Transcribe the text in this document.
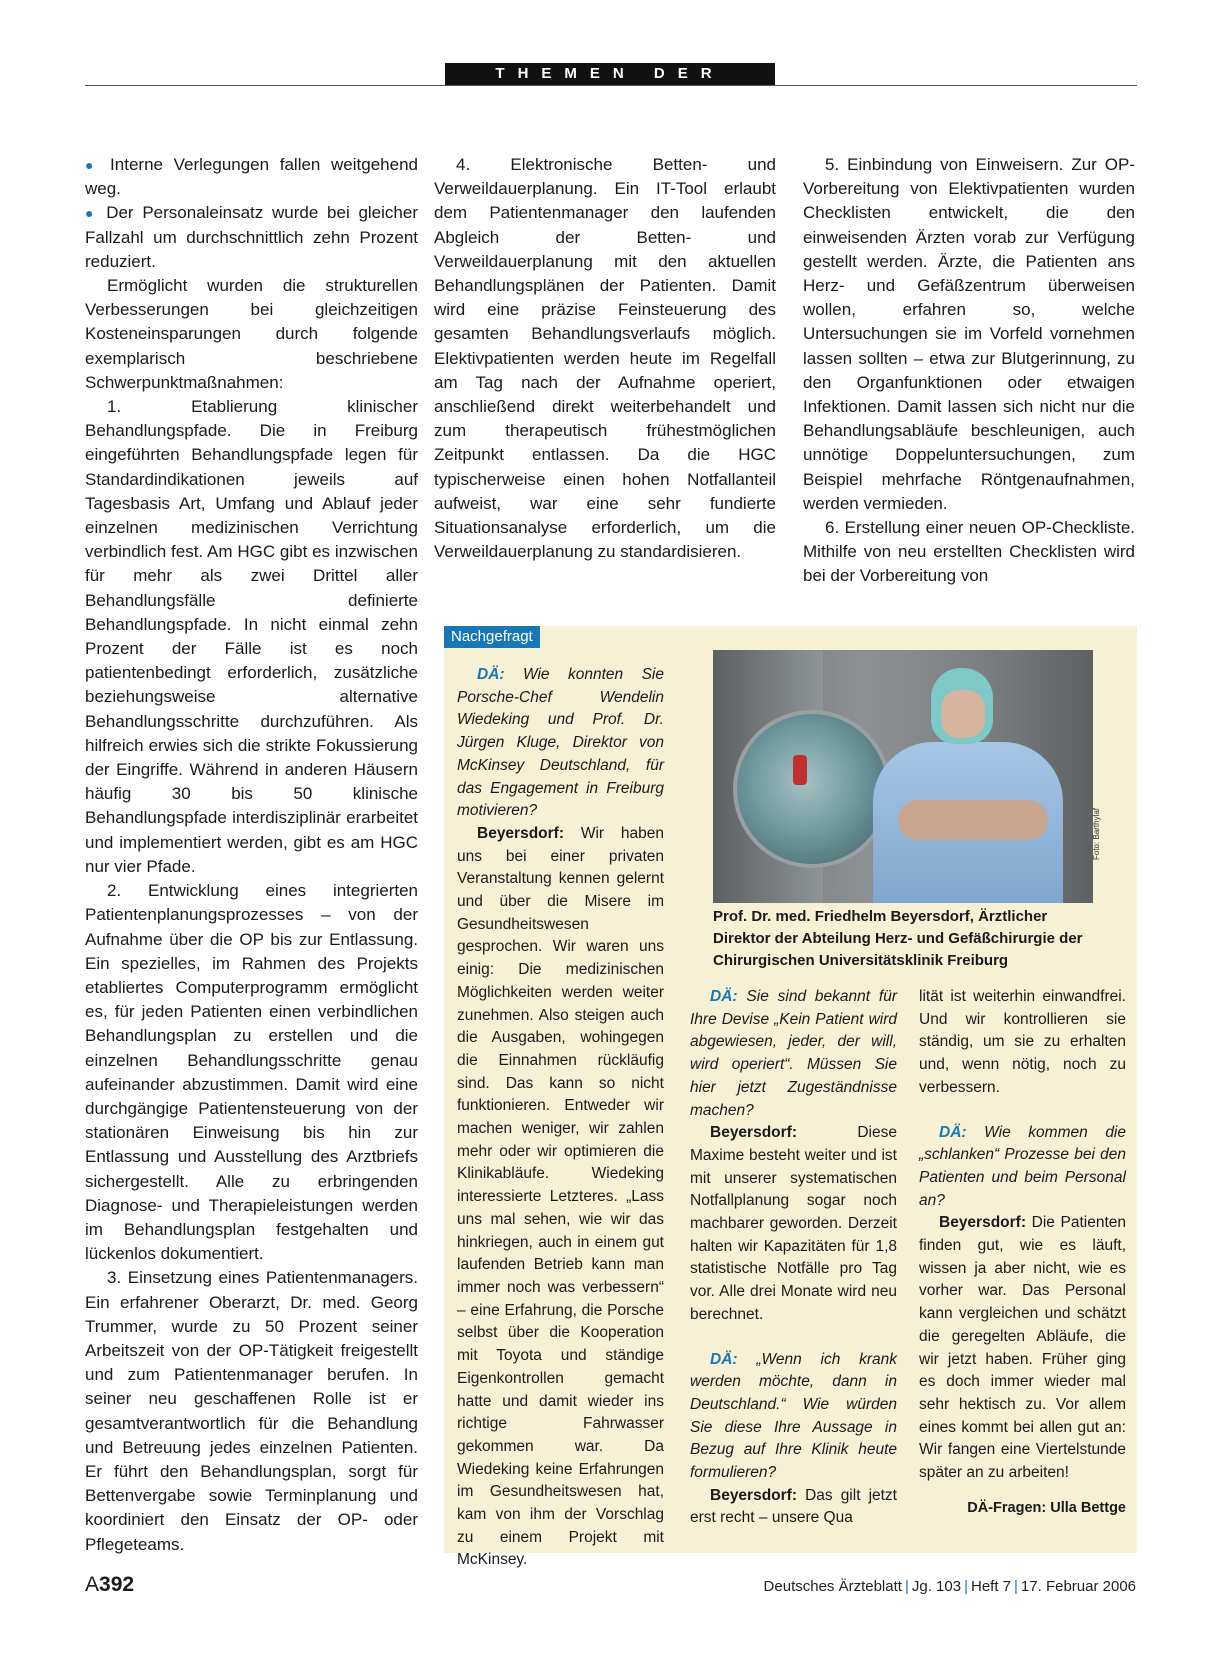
THEMEN DER ZEIT

● Interne Verlegungen fallen weitgehend weg.

● Der Personaleinsatz wurde bei gleicher Fallzahl um durchschnittlich zehn Prozent reduziert.

Ermöglicht wurden die strukturellen Verbesserungen bei gleichzeitigen Kosteneinsparungen durch folgende exemplarisch beschriebene Schwerpunktmaßnahmen:

1. Etablierung klinischer Behandlungspfade. Die in Freiburg eingeführten Behandlungspfade legen für Standardindikationen jeweils auf Tagesbasis Art, Umfang und Ablauf jeder einzelnen medizinischen Verrichtung verbindlich fest. Am HGC gibt es inzwischen für mehr als zwei Drittel aller Behandlungsfälle definierte Behandlungspfade. In nicht einmal zehn Prozent der Fälle ist es noch patientenbedingt erforderlich, zusätzliche beziehungsweise alternative Behandlungsschritte durchzuführen. Als hilfreich erwies sich die strikte Fokussierung der Eingriffe. Während in anderen Häusern häufig 30 bis 50 klinische Behandlungspfade interdisziplinär erarbeitet und implementiert werden, gibt es am HGC nur vier Pfade.

2. Entwicklung eines integrierten Patientenplanungsprozesses – von der Aufnahme über die OP bis zur Entlassung. Ein spezielles, im Rahmen des Projekts etabliertes Computerprogramm ermöglicht es, für jeden Patienten einen verbindlichen Behandlungsplan zu erstellen und die einzelnen Behandlungsschritte genau aufeinander abzustimmen. Damit wird eine durchgängige Patientensteuerung von der stationären Einweisung bis hin zur Entlassung und Ausstellung des Arztbriefs sichergestellt. Alle zu erbringenden Diagnose- und Therapieleistungen werden im Behandlungsplan festgehalten und lückenlos dokumentiert.

3. Einsetzung eines Patientenmanagers. Ein erfahrener Oberarzt, Dr. med. Georg Trummer, wurde zu 50 Prozent seiner Arbeitszeit von der OP-Tätigkeit freigestellt und zum Patientenmanager berufen. In seiner neu geschaffenen Rolle ist er gesamtverantwortlich für die Behandlung und Betreuung jedes einzelnen Patienten. Er führt den Behandlungsplan, sorgt für Bettenvergabe sowie Terminplanung und koordiniert den Einsatz der OP- oder Pflegeteams.

4. Elektronische Betten- und Verweildauerplanung. Ein IT-Tool erlaubt dem Patientenmanager den laufenden Abgleich der Betten- und Verweildauerplanung mit den aktuellen Behandlungsplänen der Patienten. Damit wird eine präzise Feinsteuerung des gesamten Behandlungsverlaufs möglich. Elektivpatienten werden heute im Regelfall am Tag nach der Aufnahme operiert, anschließend direkt weiterbehandelt und zum therapeutisch frühestmöglichen Zeitpunkt entlassen. Da die HGC typischerweise einen hohen Notfallanteil aufweist, war eine sehr fundierte Situationsanalyse erforderlich, um die Verweildauerplanung zu standardisieren.

5. Einbindung von Einweisern. Zur OP-Vorbereitung von Elektivpatienten wurden Checklisten entwickelt, die den einweisenden Ärzten vorab zur Verfügung gestellt werden. Ärzte, die Patienten ans Herz- und Gefäßzentrum überweisen wollen, erfahren so, welche Untersuchungen sie im Vorfeld vornehmen lassen sollten – etwa zur Blutgerinnung, zu den Organfunktionen oder etwaigen Infektionen. Damit lassen sich nicht nur die Behandlungsabläufe beschleunigen, auch unnötige Doppeluntersuchungen, zum Beispiel mehrfache Röntgenaufnahmen, werden vermieden.

6. Erstellung einer neuen OP-Checkliste. Mithilfe von neu erstellten Checklisten wird bei der Vorbereitung von

Nachgefragt
Foto: Barthylaf
Prof. Dr. med. Friedhelm Beyersdorf, Ärztlicher Direktor der Abteilung Herz- und Gefäßchirurgie der Chirurgischen Universitätsklinik Freiburg

DÄ: Wie konnten Sie Porsche-Chef Wendelin Wiedeking und Prof. Dr. Jürgen Kluge, Direktor von McKinsey Deutschland, für das Engagement in Freiburg motivieren?

Beyersdorf: Wir haben uns bei einer privaten Veranstaltung kennen gelernt und über die Misere im Gesundheitswesen gesprochen. Wir waren uns einig: Die medizinischen Möglichkeiten werden weiter zunehmen. Also steigen auch die Ausgaben, wohingegen die Einnahmen rückläufig sind. Das kann so nicht funktionieren. Entweder wir machen weniger, wir zahlen mehr oder wir optimieren die Klinikabläufe. Wiedeking interessierte Letzteres. „Lass uns mal sehen, wie wir das hinkriegen, auch in einem gut laufenden Betrieb kann man immer noch was verbessern“ – eine Erfahrung, die Porsche selbst über die Kooperation mit Toyota und ständige Eigenkontrollen gemacht hatte und damit wieder ins richtige Fahrwasser gekommen war. Da Wiedeking keine Erfahrungen im Gesundheitswesen hat, kam von ihm der Vorschlag zu einem Projekt mit McKinsey.

DÄ: Sie sind bekannt für Ihre Devise „Kein Patient wird abgewiesen, jeder, der will, wird operiert“. Müssen Sie hier jetzt Zugeständnisse machen?

Beyersdorf:	Diese Maxime besteht weiter und ist mit unserer systematischen Notfallplanung sogar noch machbarer geworden. Derzeit halten wir Kapazitäten für 1,8 statistische Notfälle pro Tag vor. Alle drei Monate wird neu berechnet.

DÄ: „Wenn ich krank werden möchte, dann in Deutschland.“ Wie würden Sie diese Ihre Aussage in Bezug auf Ihre Klinik heute formulieren?

Beyersdorf: Das gilt jetzt erst recht – unsere Qua

lität ist weiterhin einwandfrei. Und wir kontrollieren sie ständig, um sie zu erhalten und, wenn nötig, noch zu verbessern.

DÄ: Wie kommen die „schlanken“ Prozesse bei den Patienten und beim Personal an?

Beyersdorf: Die Patienten finden gut, wie es läuft, wissen ja aber nicht, wie es vorher war. Das Personal kann vergleichen und schätzt die geregelten Abläufe, die wir jetzt haben. Früher ging es doch immer wieder mal sehr hektisch zu. Vor allem eines kommt bei allen gut an: Wir fangen eine Viertelstunde später an zu arbeiten!

DÄ-Fragen: Ulla Bettge
A392	Deutsches Ärzteblatt | Jg. 103 | Heft 7 | 17. Februar 2006
